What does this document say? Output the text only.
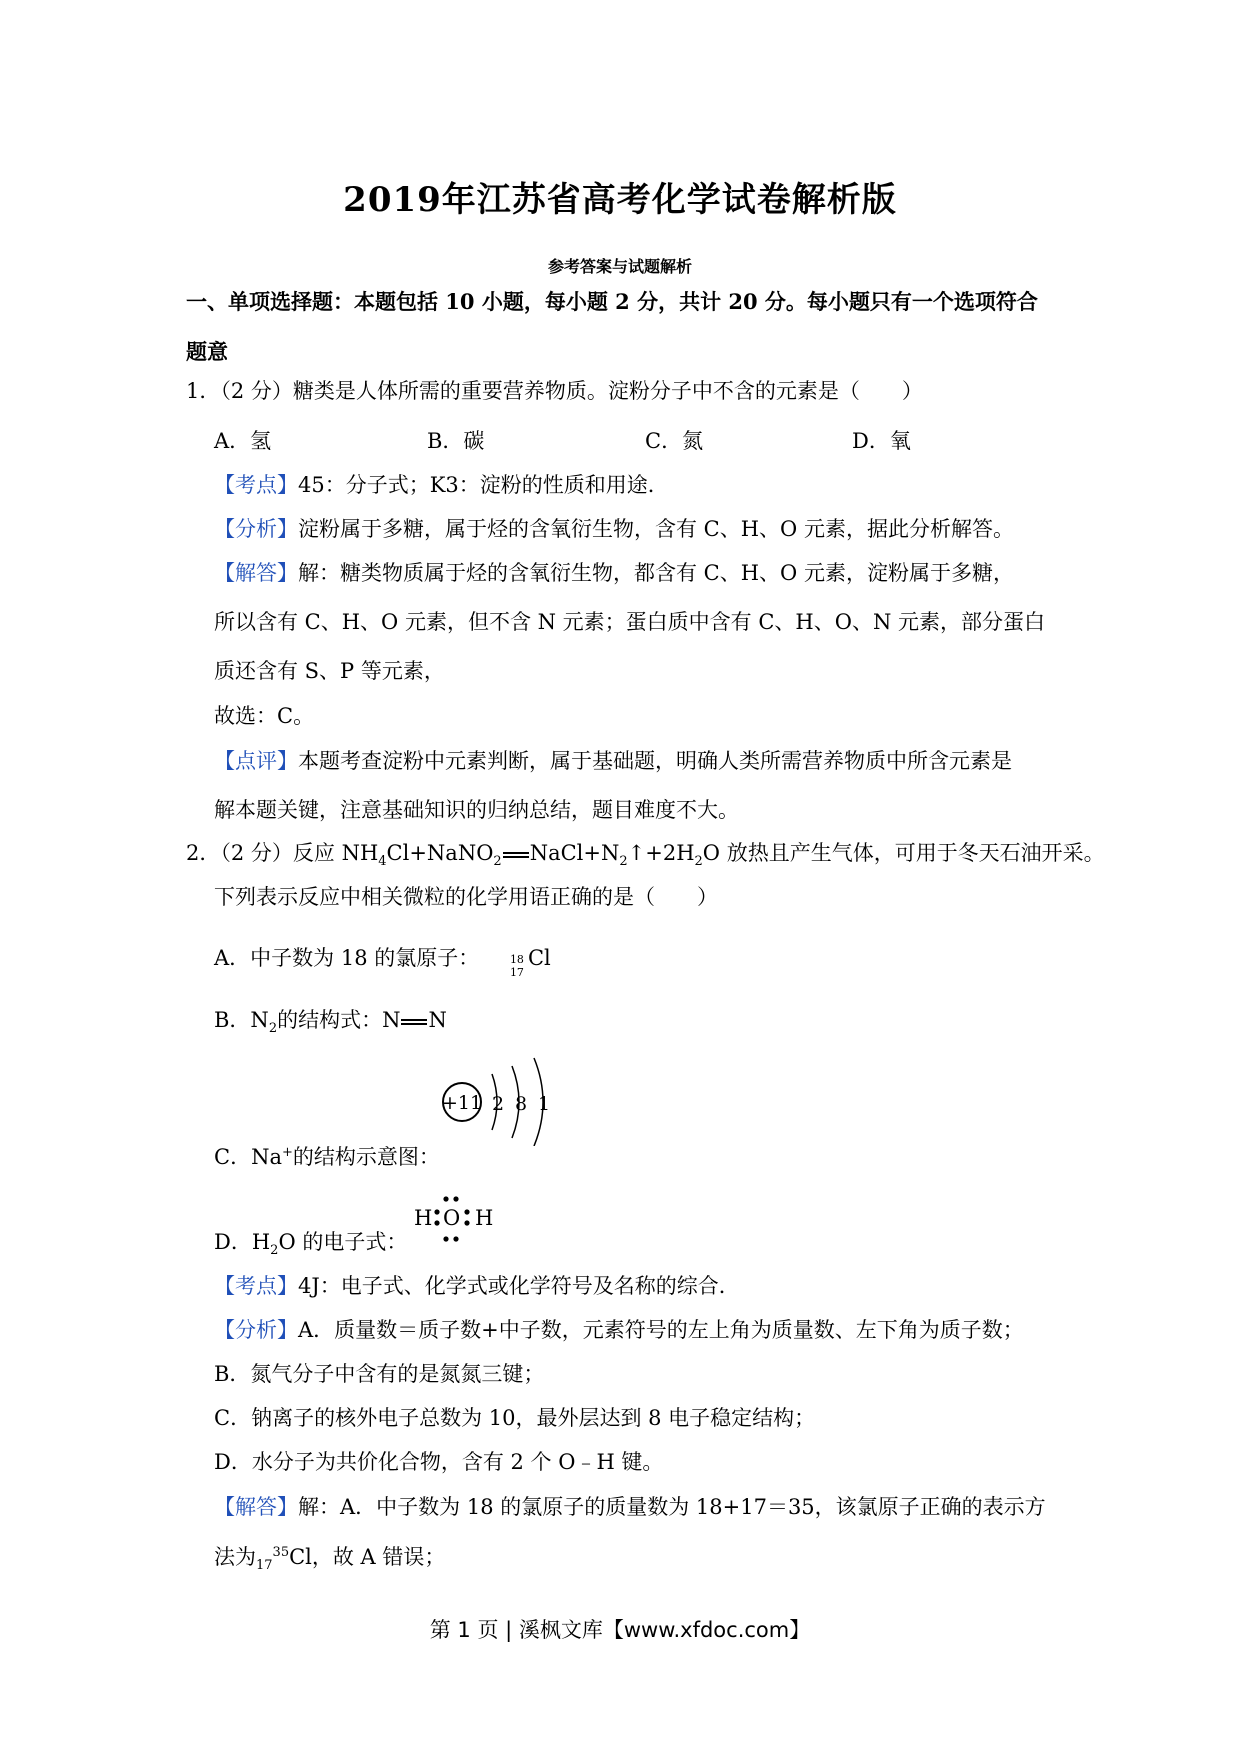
2019年江苏省高考化学试卷解析版
参考答案与试题解析
一、单项选择题：本题包括 10 小题，每小题 2 分，共计 20 分。每小题只有一个选项符合
题意
1．（2 分）糖类是人体所需的重要营养物质。淀粉分子中不含的元素是（　　）
A．氢	B．碳	C．氮	D．氧
【考点】45：分子式；K3：淀粉的性质和用途．
【分析】淀粉属于多糖，属于烃的含氧衍生物，含有 C、H、O 元素，据此分析解答。
【解答】解：糖类物质属于烃的含氧衍生物，都含有 C、H、O 元素，淀粉属于多糖，
所以含有 C、H、O 元素，但不含 N 元素；蛋白质中含有 C、H、O、N 元素，部分蛋白
质还含有 S、P 等元素，
故选：C。
【点评】本题考查淀粉中元素判断，属于基础题，明确人类所需营养物质中所含元素是
解本题关键，注意基础知识的归纳总结，题目难度不大。
2．（2 分）反应 $NH_4Cl+NaNO_2$ $NaCl+N_2↑+2H_2O$ 放热且产生气体，可用于冬天石油开采。
下列表示反应中相关微粒的化学用语正确的是（　　）
A．中子数为 18 的氯原子：	18
17
Cl
B．$N_2$的结构式：N N
+11 2 8 1
C．Na+的结构示意图：
H O H
D．$H_2O$ 的电子式：
【考点】4J：电子式、化学式或化学符号及名称的综合．
【分析】A．质量数＝质子数+中子数，元素符号的左上角为质量数、左下角为质子数；
B．氮气分子中含有的是氮氮三键；
C．钠离子的核外电子总数为 10，最外层达到 8 电子稳定结构；
D．水分子为共价化合物，含有 2 个 O﹣H 键。
【解答】解：A．中子数为 18 的氯原子的质量数为 18+17＝35，该氯原子正确的表示方
法为$_{17}^{35}$Cl，故 A 错误；
第 1 页 | 溪枫文库【www.xfdoc.com】
